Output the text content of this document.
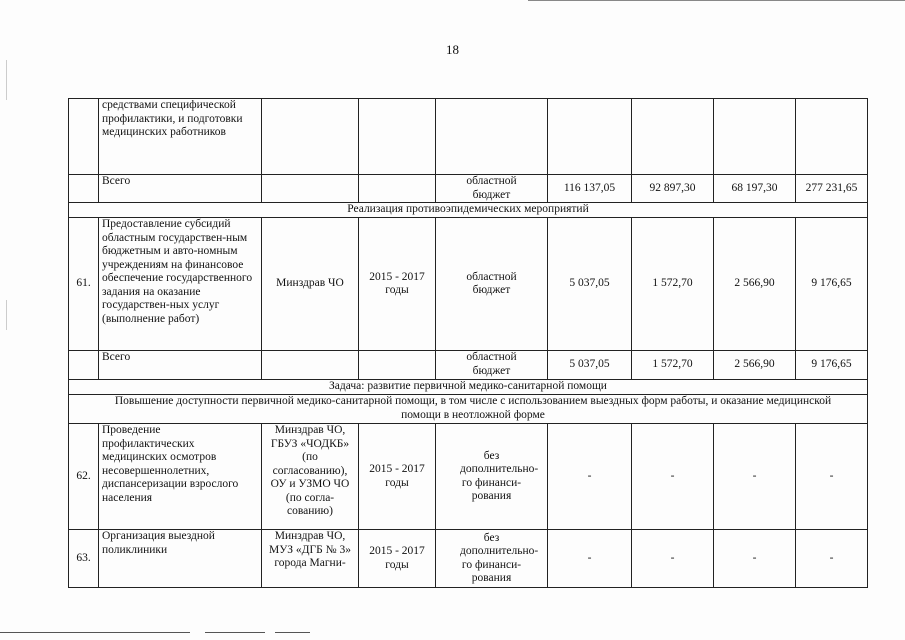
18
	средствами специфической профилактики, и подготовки медицинских работников							
	Всего			областной бюджет	116 137,05	92 897,30	68 197,30	277 231,65
Реализация противоэпидемических мероприятий								
61.	Предоставление субсидий областным государствен-ным бюджетным и авто-номным учреждениям на финансовое обеспечение государственного задания на оказание государствен-ных услуг (выполнение работ)	Минздрав ЧО	2015 - 2017 годы	областной бюджет	5 037,05	1 572,70	2 566,90	9 176,65
	Всего			областной бюджет	5 037,05	1 572,70	2 566,90	9 176,65
Задача: развитие первичной медико-санитарной помощи								
Повышение доступности первичной медико-санитарной помощи, в том числе с использованием выездных форм работы, и оказание медицинской помощи в неотложной форме								
62.	Проведение профилактических медицинских осмотров несовершеннолетних, диспансеризации взрослого населения	Минздрав ЧО, ГБУЗ «ЧОДКБ» (по согласованию), ОУ и УЗМО ЧО (по согла-сованию)	2015 - 2017 годы	без дополнительно-го финанси-рования	-	-	-	-
63.	Организация выездной поликлиники	Минздрав ЧО, МУЗ «ДГБ № 3» города Магни-	2015 - 2017 годы	без дополнительно-го финанси-рования	-	-	-	-
